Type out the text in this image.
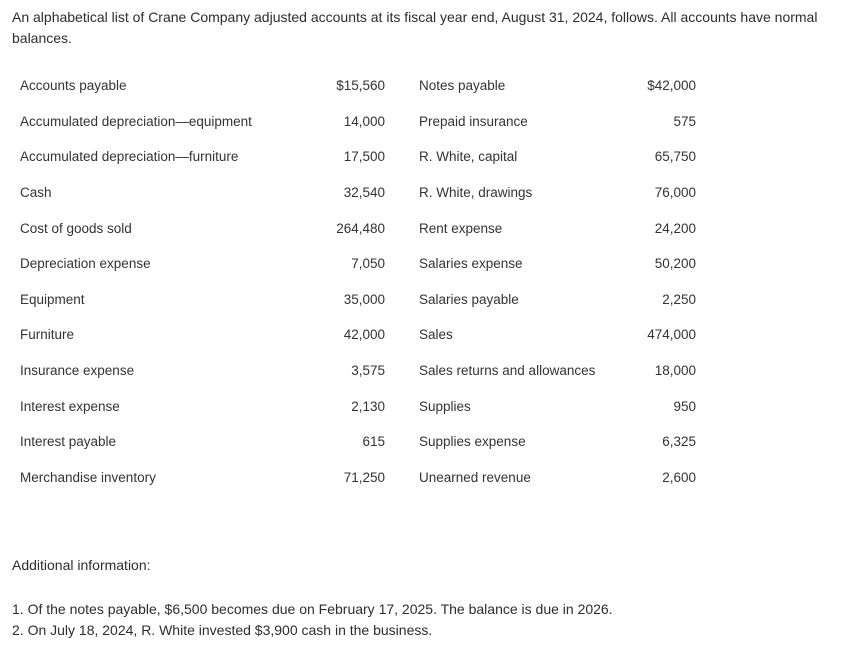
An alphabetical list of Crane Company adjusted accounts at its fiscal year end, August 31, 2024, follows. All accounts have normal balances.

Accounts payable	$15,560		Notes payable	$42,000
Accumulated depreciation—equipment	14,000		Prepaid insurance	575
Accumulated depreciation—furniture	17,500		R. White, capital	65,750
Cash	32,540		R. White, drawings	76,000
Cost of goods sold	264,480		Rent expense	24,200
Depreciation expense	7,050		Salaries expense	50,200
Equipment	35,000		Salaries payable	2,250
Furniture	42,000		Sales	474,000
Insurance expense	3,575		Sales returns and allowances	18,000
Interest expense	2,130		Supplies	950
Interest payable	615		Supplies expense	6,325
Merchandise inventory	71,250		Unearned revenue	2,600

Additional information:

1. Of the notes payable, $6,500 becomes due on February 17, 2025. The balance is due in 2026.
2. On July 18, 2024, R. White invested $3,900 cash in the business.
